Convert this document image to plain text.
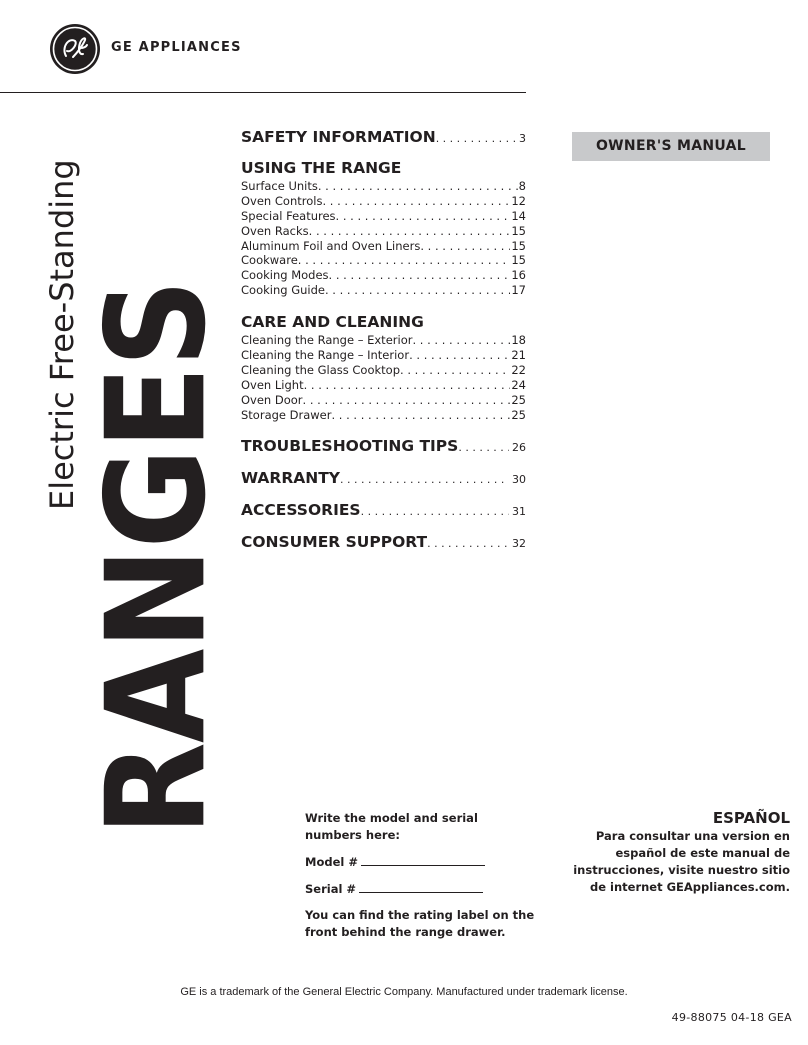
GE APPLIANCES
RANGES
Electric Free-Standing
OWNER'S MANUAL
SAFETY INFORMATION . . .	3
USING THE RANGE
Surface Units . . .	8
Oven Controls . . .	12
Special Features . . .	14
Oven Racks . . .	15
Aluminum Foil and Oven Liners . . .	15
Cookware . . .	15
Cooking Modes . . .	16
Cooking Guide . . .	17
CARE AND CLEANING
Cleaning the Range – Exterior . . .	18
Cleaning the Range – Interior . . .	21
Cleaning the Glass Cooktop . . .	22
Oven Light . . .	24
Oven Door . . .	25
Storage Drawer . . .	25
TROUBLESHOOTING TIPS . . .	26
WARRANTY . . .	30
ACCESSORIES . . .	31
CONSUMER SUPPORT . . .	32

Write the model and serial numbers here:

Model #

Serial #

You can find the rating label on the front behind the range drawer.

ESPAÑOL
Para consultar una version en español de este manual de instrucciones, visite nuestro sitio de internet GEAppliances.com.
GE is a trademark of the General Electric Company. Manufactured under trademark license.
49-88075 04-18 GEA
